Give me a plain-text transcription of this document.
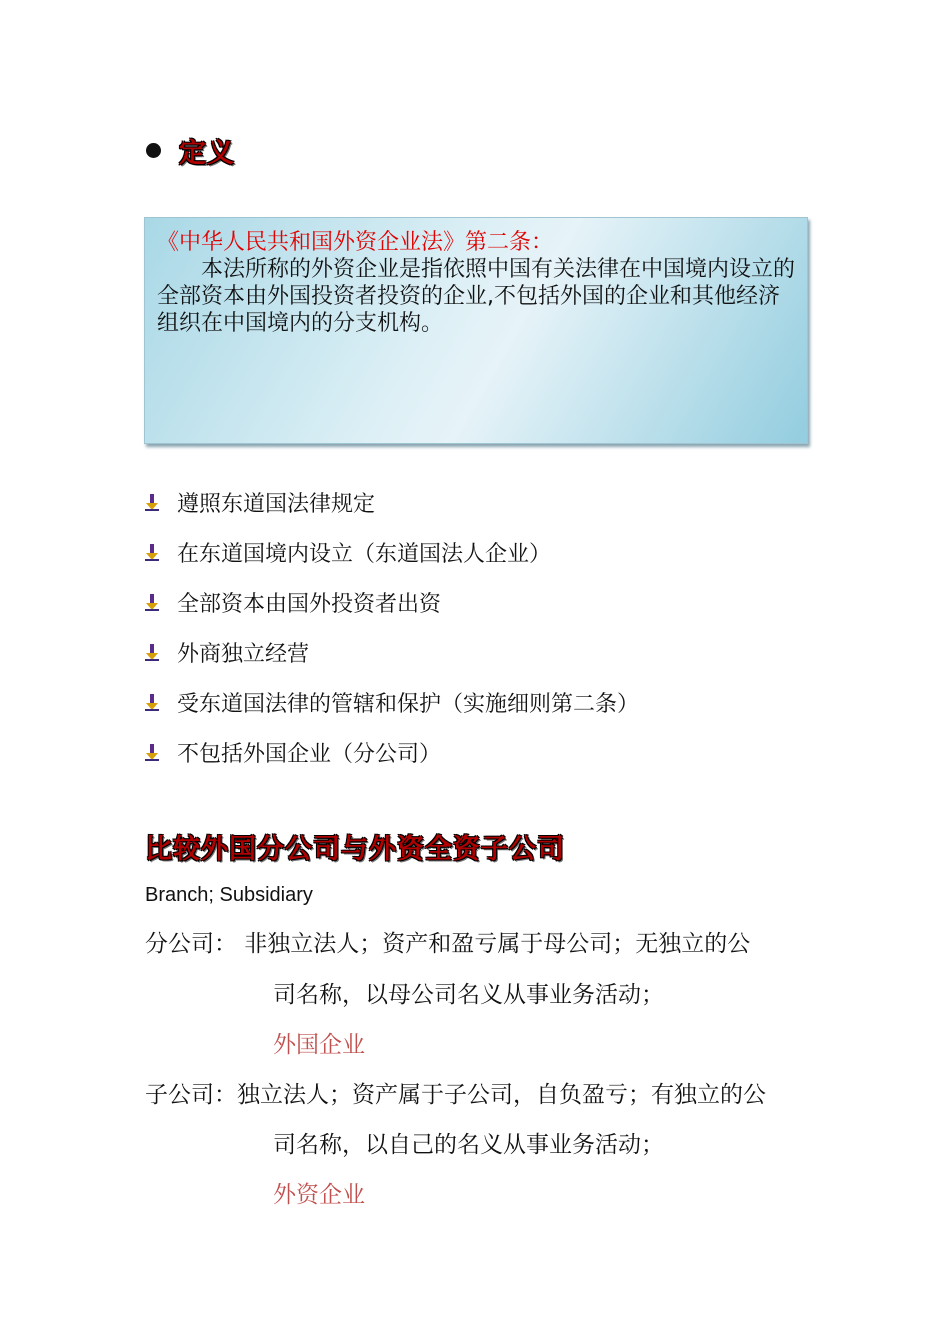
定义
《中华人民共和国外资企业法》第二条：

本法所称的外资企业是指依照中国有关法律在中国境内设立的全部资本由外国投资者投资的企业,不包括外国的企业和其他经济组织在中国境内的分支机构。

遵照东道国法律规定
在东道国境内设立（东道国法人企业）
全部资本由国外投资者出资
外商独立经营
受东道国法律的管辖和保护（实施细则第二条）
不包括外国企业（分公司）
比较外国分公司与外资全资子公司
Branch; Subsidiary
分公司： 非独立法人；资产和盈亏属于母公司；无独立的公
司名称，以母公司名义从事业务活动；
外国企业
子公司：独立法人；资产属于子公司，自负盈亏；有独立的公
司名称，以自己的名义从事业务活动；
外资企业
